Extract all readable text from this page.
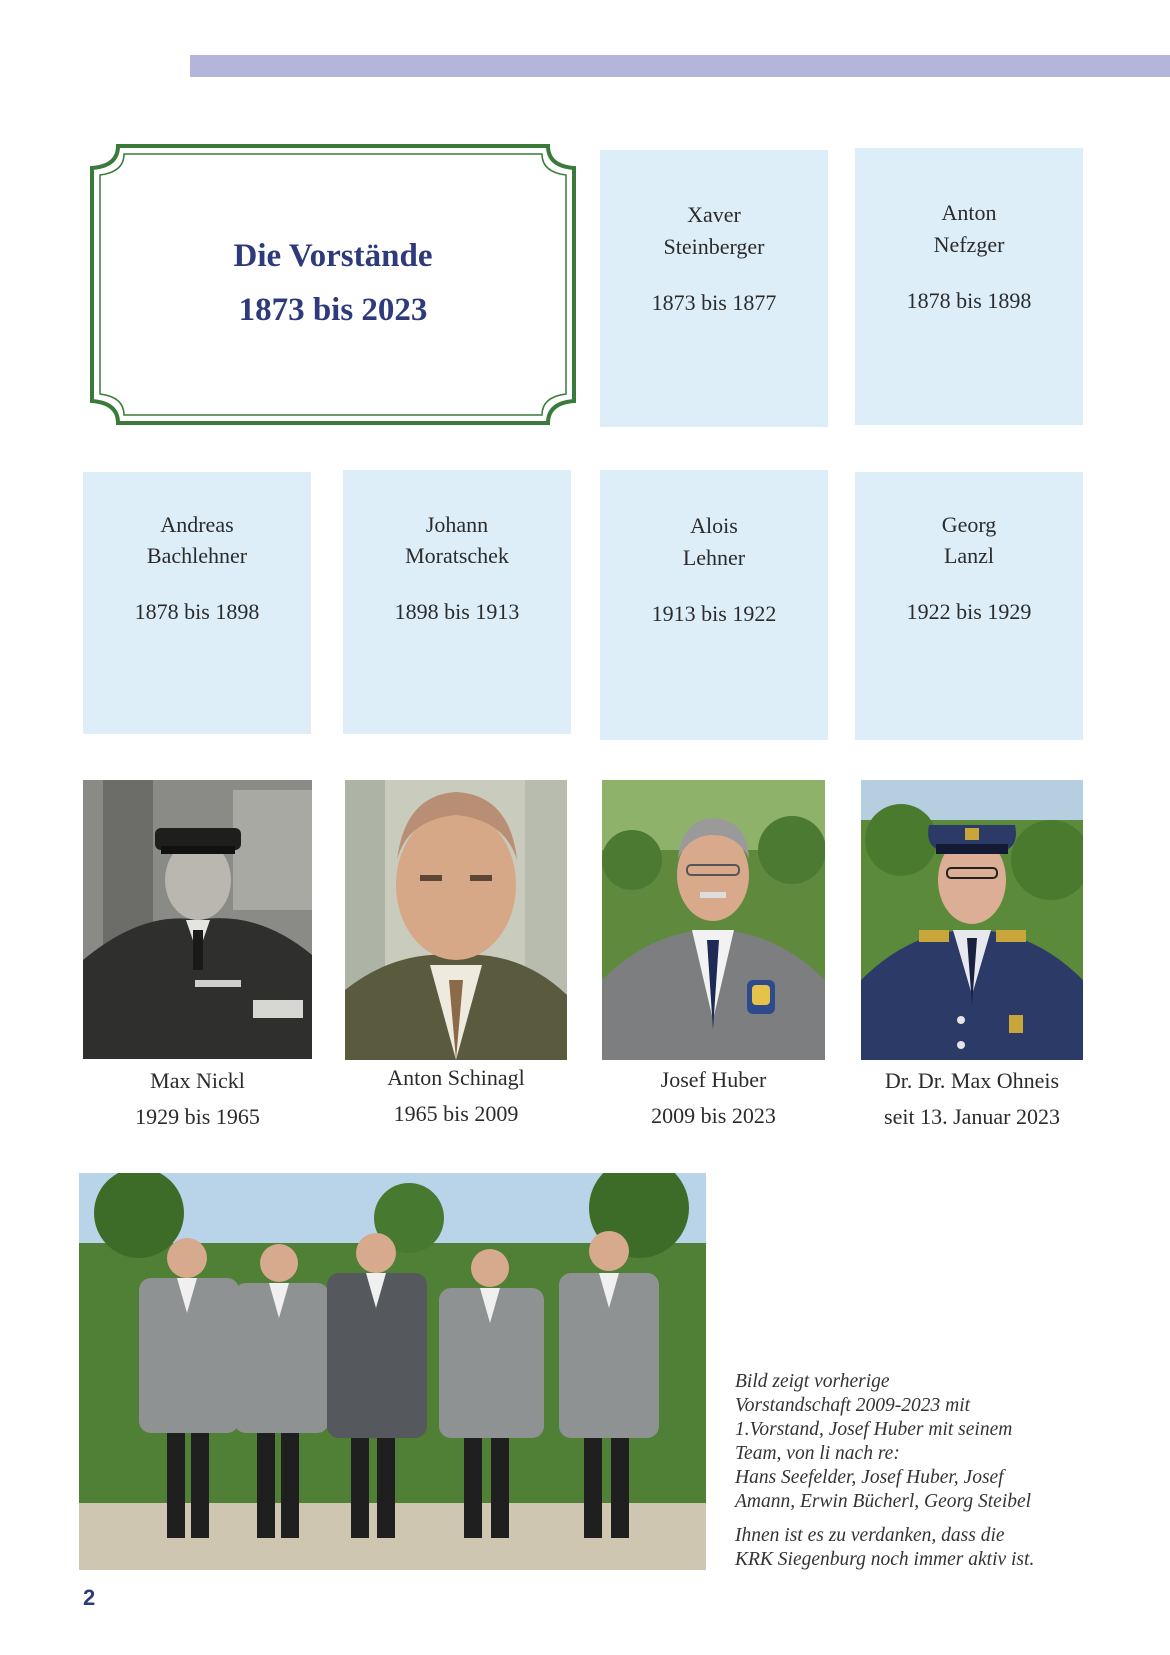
Die Vorstände
1873 bis 2023
Xaver
Steinberger
1873 bis 1877
Anton
Nefzger
1878 bis 1898
Andreas
Bachlehner
1878 bis 1898
Johann
Moratschek
1898 bis 1913
Alois
Lehner
1913 bis 1922
Georg
Lanzl
1922 bis 1929
Max Nickl
1929 bis 1965
Anton Schinagl
1965 bis 2009
Josef Huber
2009 bis 2023
Dr. Dr. Max Ohneis
seit 13. Januar 2023

Bild zeigt vorherige
Vorstandschaft 2009-2023 mit
1.Vorstand, Josef Huber mit seinem
Team, von li nach re:
Hans Seefelder, Josef Huber, Josef
Amann, Erwin Bücherl, Georg Steibel

Ihnen ist es zu verdanken, dass die
KRK Siegenburg noch immer aktiv ist.

2
